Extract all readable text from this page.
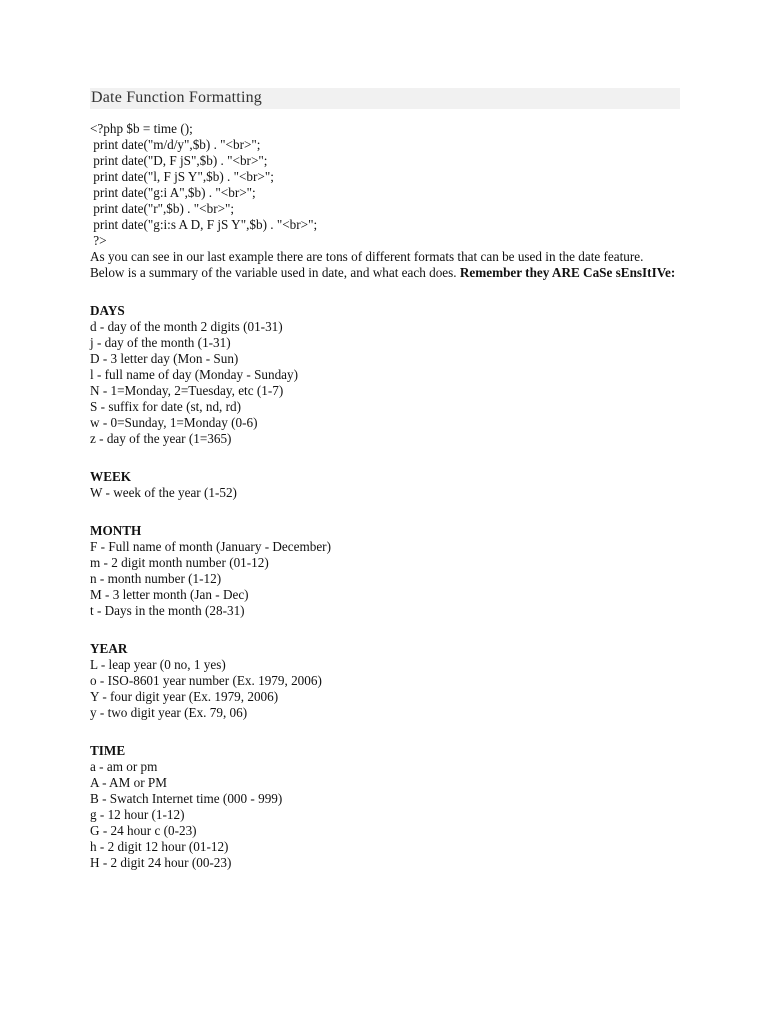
Date Function Formatting
<?php $b = time ();
print date("m/d/y",$b) . "<br>";
print date("D, F jS",$b) . "<br>";
print date("l, F jS Y",$b) . "<br>";
print date("g:i A",$b) . "<br>";
print date("r",$b) . "<br>";
print date("g:i:s A D, F jS Y",$b) . "<br>";
?>

As you can see in our last example there are tons of different formats that can be used in the date feature. Below is a summary of the variable used in date, and what each does. Remember they ARE CaSe sEnsItIVe:

DAYS
d - day of the month 2 digits (01-31)
j - day of the month (1-31)
D - 3 letter day (Mon - Sun)
l - full name of day (Monday - Sunday)
N - 1=Monday, 2=Tuesday, etc (1-7)
S - suffix for date (st, nd, rd)
w - 0=Sunday, 1=Monday (0-6)
z - day of the year (1=365)
WEEK
W - week of the year (1-52)
MONTH
F - Full name of month (January - December)
m - 2 digit month number (01-12)
n - month number (1-12)
M - 3 letter month (Jan - Dec)
t - Days in the month (28-31)
YEAR
L - leap year (0 no, 1 yes)
o - ISO-8601 year number (Ex. 1979, 2006)
Y - four digit year (Ex. 1979, 2006)
y - two digit year (Ex. 79, 06)
TIME
a - am or pm
A - AM or PM
B - Swatch Internet time (000 - 999)
g - 12 hour (1-12)
G - 24 hour c (0-23)
h - 2 digit 12 hour (01-12)
H - 2 digit 24 hour (00-23)
